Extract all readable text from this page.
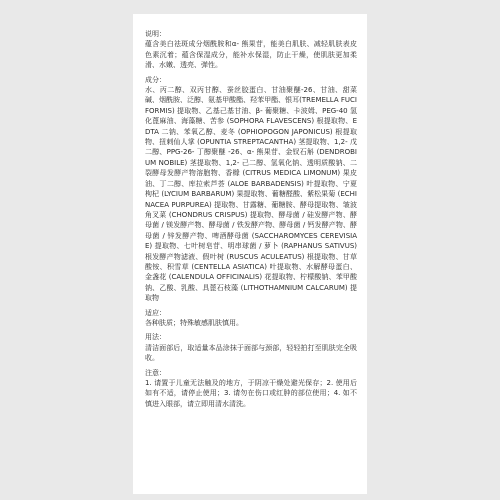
说明：

蕴含美白祛斑成分烟酰胺和α- 熊果苷，能美白肌肤、减轻肌肤表皮色素沉着；蕴含保湿成分，能补水保湿，防止干燥，使肌肤更加柔滑、水嫩、透亮、弹性。

成分：

水、丙二醇、双丙甘醇、蚕丝胶蛋白、甘油聚醚-26、甘油、甜菜碱、烟酰胺、泛醇、氨基甲酸酯、羟苯甲酯、银耳(TREMELLA FUCIFORMIS) 提取物、乙基己基甘油、β- 葡聚糖、卡波姆、PEG-40 氢化蓖麻油、海藻糖、苦参 (SOPHORA FLAVESCENS) 根提取物、EDTA 二钠、苯氧乙醇、麦冬 (OPHIOPOGON JAPONICUS) 根提取物、扭刺仙人掌 (OPUNTIA STREPTACANTHA) 茎提取物、1,2- 戊二醇、PPG-26- 丁醇聚醚 -26、α- 熊果苷、金钗石斛 (DENDROBIUM NOBILE) 茎提取物、1,2- 己二醇、氢氧化钠、透明质酸钠、二裂酵母发酵产物溶胞物、香橼 (CITRUS MEDICA LIMONUM) 果皮油、丁二醇、库拉索芦荟 (ALOE BARBADENSIS) 叶提取物、宁夏枸杞 (LYCIUM BARBARUM) 果提取物、葡糖醛酸、紫松果菊 (ECHINACEA PURPUREA) 提取物、甘露糖、葡糖胺、酵母提取物、皱波角叉菜 (CHONDRUS CRISPUS) 提取物、酵母菌 / 硅发酵产物、酵母菌 / 镁发酵产物、酵母菌 / 铁发酵产物、酵母菌 / 钙发酵产物、酵母菌 / 锌发酵产物、啤酒酵母菌 (SACCHAROMYCES CEREVISIAE) 提取物、七叶树皂苷、明串球菌 / 萝卜 (RAPHANUS SATIVUS) 根发酵产物滤液、假叶树 (RUSCUS ACULEATUS) 根提取物、甘草酸铵、积雪草 (CENTELLA ASIATICA) 叶提取物、水解酵母蛋白、金盏花 (CALENDULA OFFICINALIS) 花提取物、柠檬酸钠、苯甲酸钠、乙酸、乳酸、具蓖石枝藻 (LITHOTHAMNIUM CALCARUM) 提取物

适应：

各种肤质；特殊敏感肌肤慎用。

用法：

清洁面部后，取适量本品涂抹于面部与颈部，轻轻拍打至肌肤完全吸收。

注意：

1. 请置于儿童无法触及的地方，于阴凉干燥处避光保存；2. 使用后如有不适，请停止使用；3. 请勿在伤口或红肿的部位使用；4. 如不慎进入眼部，请立即用清水清洗。
